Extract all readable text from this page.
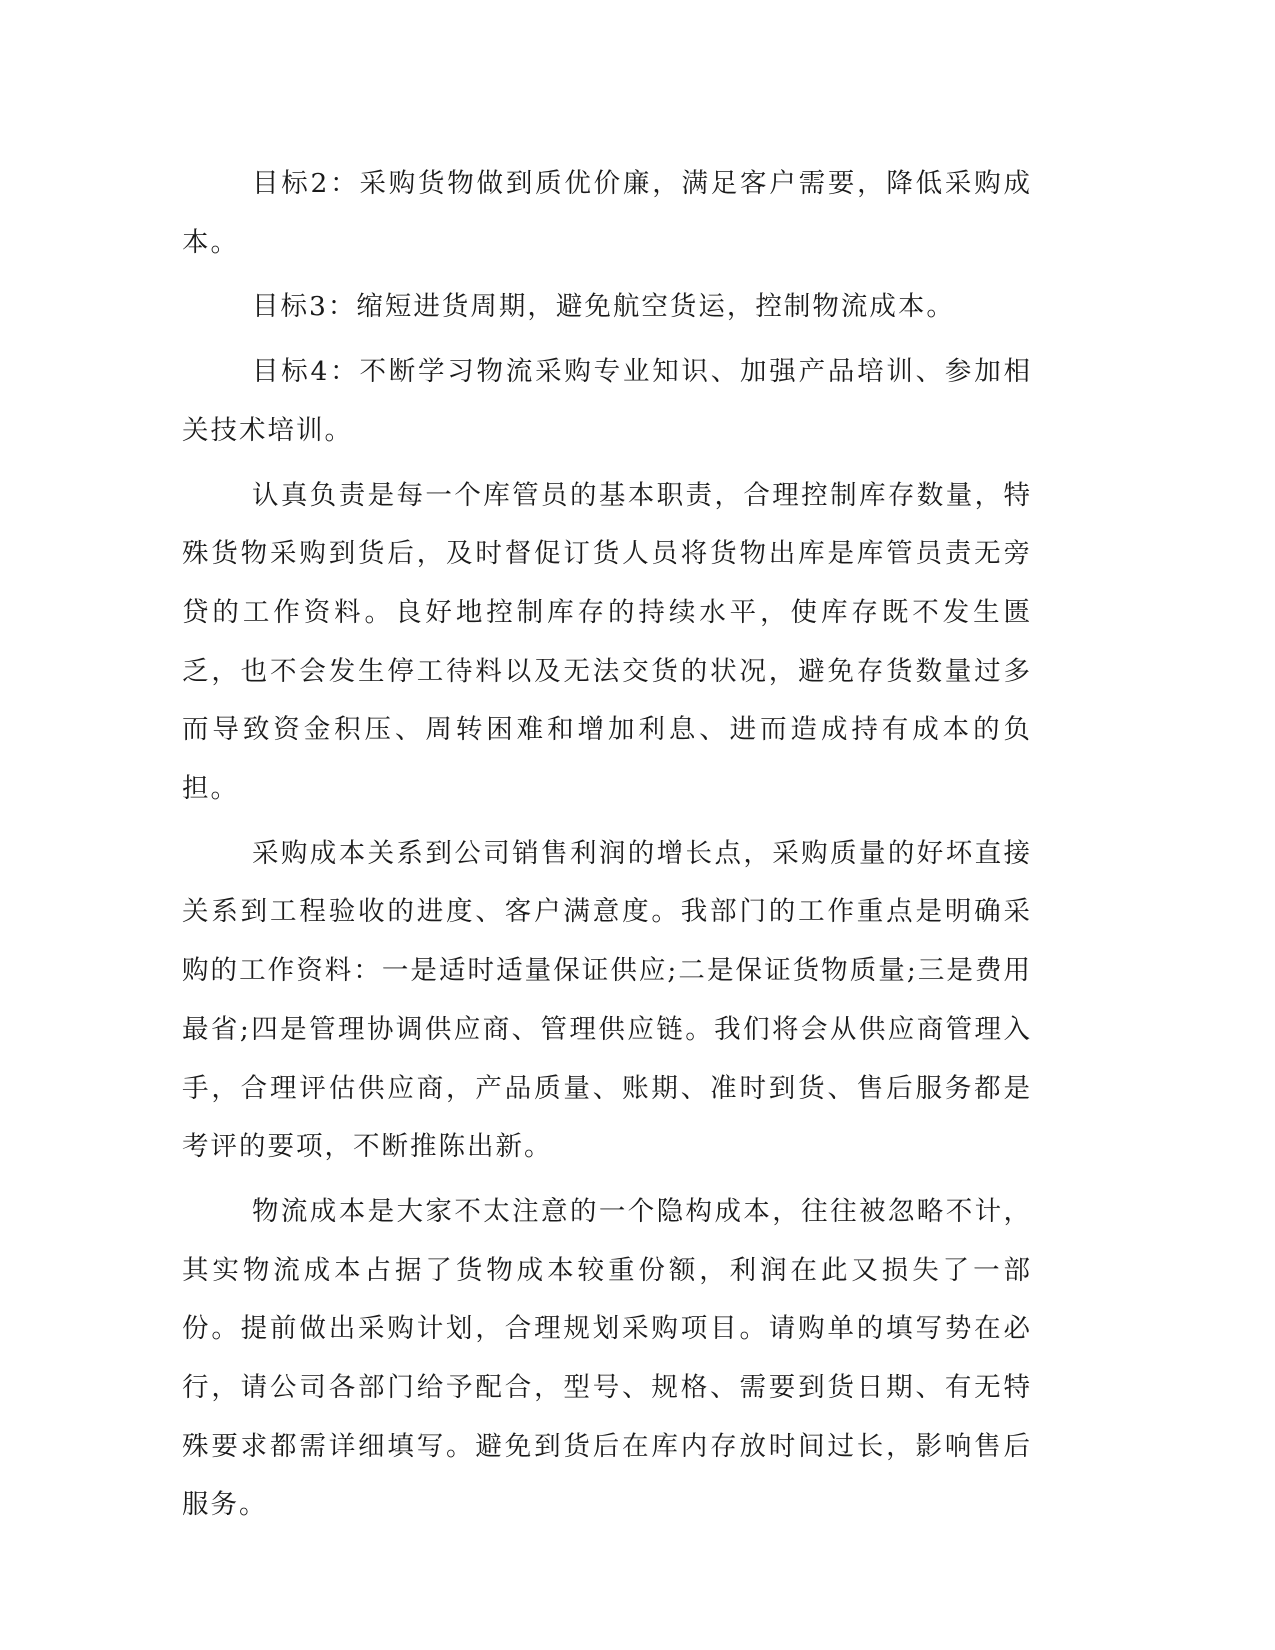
目标2：采购货物做到质优价廉，满足客户需要，降低采购成本。

目标3：缩短进货周期，避免航空货运，控制物流成本。

目标4：不断学习物流采购专业知识、加强产品培训、参加相关技术培训。

认真负责是每一个库管员的基本职责，合理控制库存数量，特殊货物采购到货后，及时督促订货人员将货物出库是库管员责无旁贷的工作资料。良好地控制库存的持续水平，使库存既不发生匮乏，也不会发生停工待料以及无法交货的状况，避免存货数量过多而导致资金积压、周转困难和增加利息、进而造成持有成本的负担。

采购成本关系到公司销售利润的增长点，采购质量的好坏直接关系到工程验收的进度、客户满意度。我部门的工作重点是明确采购的工作资料：一是适时适量保证供应;二是保证货物质量;三是费用最省;四是管理协调供应商、管理供应链。我们将会从供应商管理入手，合理评估供应商，产品质量、账期、准时到货、售后服务都是考评的要项，不断推陈出新。

物流成本是大家不太注意的一个隐构成本，往往被忽略不计，其实物流成本占据了货物成本较重份额，利润在此又损失了一部份。提前做出采购计划，合理规划采购项目。请购单的填写势在必行，请公司各部门给予配合，型号、规格、需要到货日期、有无特殊要求都需详细填写。避免到货后在库内存放时间过长，影响售后服务。
